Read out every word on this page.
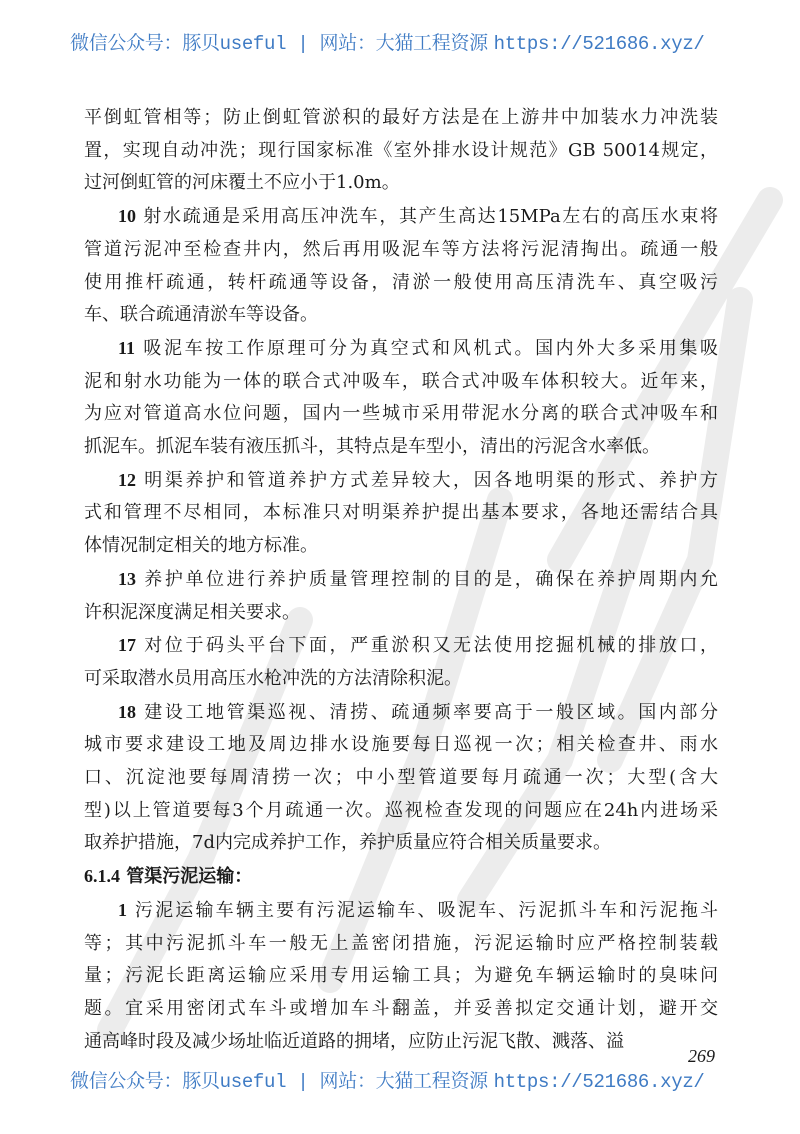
微信公众号：豚贝useful | 网站：大猫工程资源 https://521686.xyz/
平倒虹管相等；防止倒虹管淤积的最好方法是在上游井中加装水力冲洗装
置，实现自动冲洗；现行国家标准《室外排水设计规范》GB 50014规定，
过河倒虹管的河床覆土不应小于1.0m。
10 射水疏通是采用高压冲洗车，其产生高达15MPa左右的高压水束将
管道污泥冲至检查井内，然后再用吸泥车等方法将污泥清掏出。疏通一般
使用推杆疏通，转杆疏通等设备，清淤一般使用高压清洗车、真空吸污
车、联合疏通清淤车等设备。
11 吸泥车按工作原理可分为真空式和风机式。国内外大多采用集吸
泥和射水功能为一体的联合式冲吸车，联合式冲吸车体积较大。近年来，
为应对管道高水位问题，国内一些城市采用带泥水分离的联合式冲吸车和
抓泥车。抓泥车装有液压抓斗，其特点是车型小，清出的污泥含水率低。
12 明渠养护和管道养护方式差异较大，因各地明渠的形式、养护方
式和管理不尽相同，本标准只对明渠养护提出基本要求，各地还需结合具
体情况制定相关的地方标准。
13 养护单位进行养护质量管理控制的目的是，确保在养护周期内允
许积泥深度满足相关要求。
17 对位于码头平台下面，严重淤积又无法使用挖掘机械的排放口，
可采取潜水员用高压水枪冲洗的方法清除积泥。
18 建设工地管渠巡视、清捞、疏通频率要高于一般区域。国内部分
城市要求建设工地及周边排水设施要每日巡视一次；相关检查井、雨水
口、沉淀池要每周清捞一次；中小型管道要每月疏通一次；大型(含大
型)以上管道要每3个月疏通一次。巡视检查发现的问题应在24h内进场采
取养护措施，7d内完成养护工作，养护质量应符合相关质量要求。
6.1.4 管渠污泥运输：
1 污泥运输车辆主要有污泥运输车、吸泥车、污泥抓斗车和污泥拖斗
等；其中污泥抓斗车一般无上盖密闭措施，污泥运输时应严格控制装载
量；污泥长距离运输应采用专用运输工具；为避免车辆运输时的臭味问
题。宜采用密闭式车斗或增加车斗翻盖，并妥善拟定交通计划，避开交
通高峰时段及减少场址临近道路的拥堵，应防止污泥飞散、溅落、溢
269
微信公众号：豚贝useful | 网站：大猫工程资源 https://521686.xyz/
